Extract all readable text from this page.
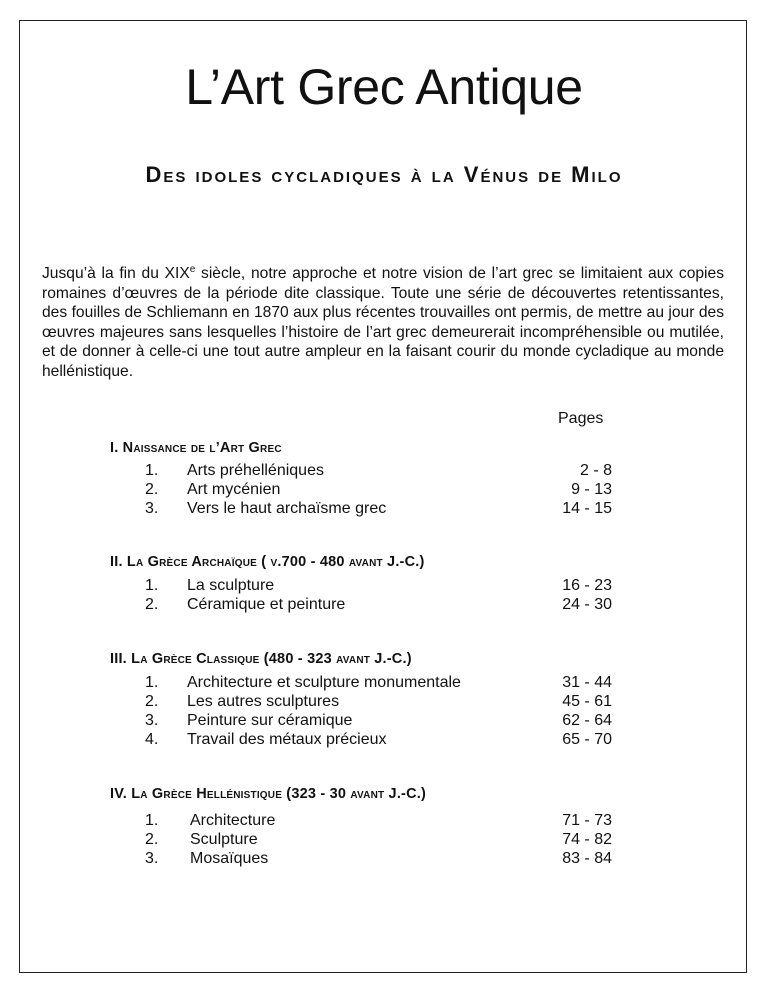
L’Art Grec Antique
Des idoles cycladiques à la Vénus de Milo

Jusqu’à la fin du XIXe siècle, notre approche et notre vision de l’art grec se limitaient aux copies romaines d’œuvres de la période dite classique. Toute une série de découvertes retentissantes, des fouilles de Schliemann en 1870 aux plus récentes trouvailles ont permis, de mettre au jour des œuvres majeures sans lesquelles l’histoire de l’art grec demeurerait incompréhensible ou mutilée, et de donner à celle-ci une tout autre ampleur en la faisant courir du monde cycladique au monde hellénistique.

Pages
I. Naissance de l’Art Grec
1.	Arts préhelléniques	2 - 8
2.	Art mycénien	9 - 13
3.	Vers le haut archaïsme grec	14 - 15
II. La Grèce Archaïque ( v.700 - 480 avant J.-C.)
1.	La sculpture	16 - 23
2.	Céramique et peinture	24 - 30
III. La Grèce Classique (480 - 323 avant J.-C.)
1.	Architecture et sculpture monumentale	31 - 44
2.	Les autres sculptures	45 - 61
3.	Peinture sur céramique	62 - 64
4.	Travail des métaux précieux	65 - 70
IV. La Grèce Hellénistique (323 - 30 avant J.-C.)
1.	Architecture	71 - 73
2.	Sculpture	74 - 82
3.	Mosaïques	83 - 84
